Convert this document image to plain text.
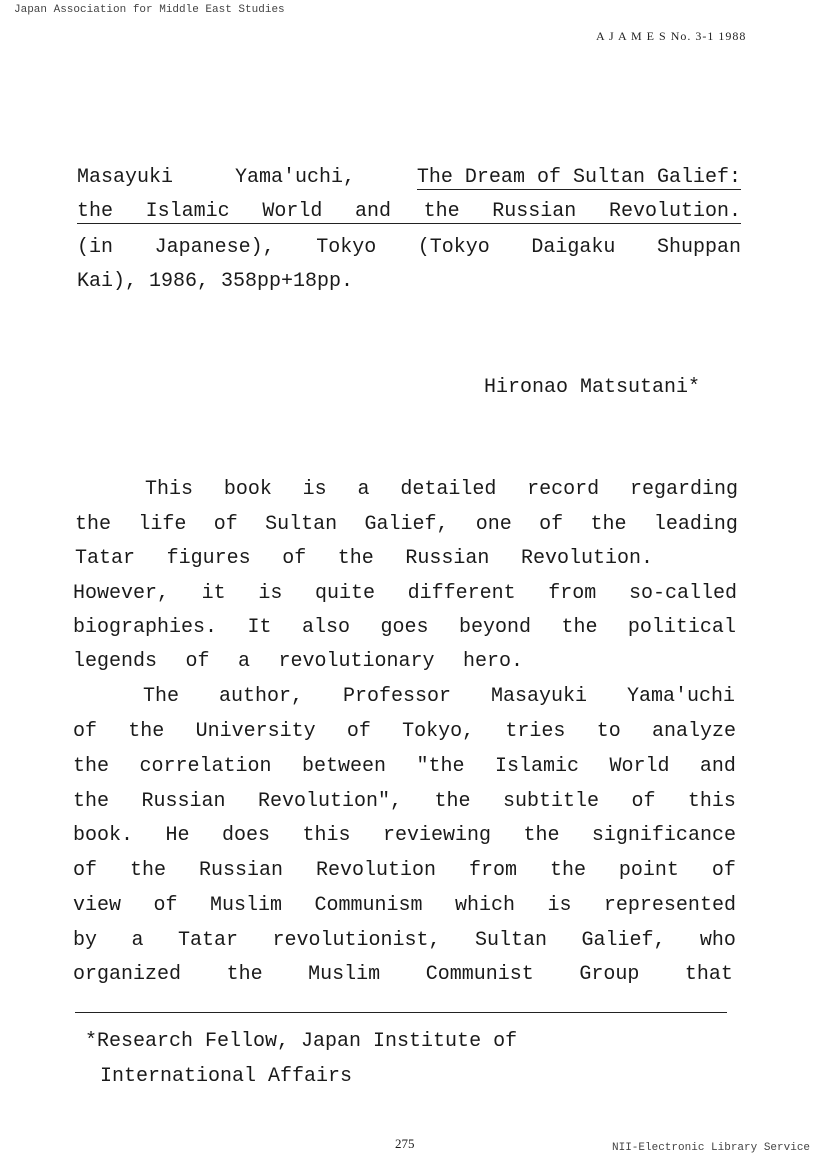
Japan Association for Middle East Studies
A J A M E S No. 3-1 1988
Masayuki	Yama'uchi,	The Dream of Sultan Galief:
the Islamic World and the Russian Revolution.
(in Japanese), Tokyo (Tokyo Daigaku Shuppan
Kai), 1986, 358pp+18pp.
Hironao Matsutani*
This book is a detailed record regarding
the life of Sultan Galief, one of the leading
Tatar figures of the Russian Revolution.
However, it is quite different from so-called
biographies. It also goes beyond the political
legends of a revolutionary hero.
The author, Professor Masayuki Yama'uchi
of the University of Tokyo, tries to analyze
the correlation between "the Islamic World and
the Russian Revolution", the subtitle of this
book. He does this reviewing the significance
of the Russian Revolution from the point of
view of Muslim Communism which is represented
by a Tatar revolutionist, Sultan Galief, who
organized the Muslim Communist Group that
*Research Fellow, Japan Institute of
International Affairs
275	NII-Electronic Library Service
